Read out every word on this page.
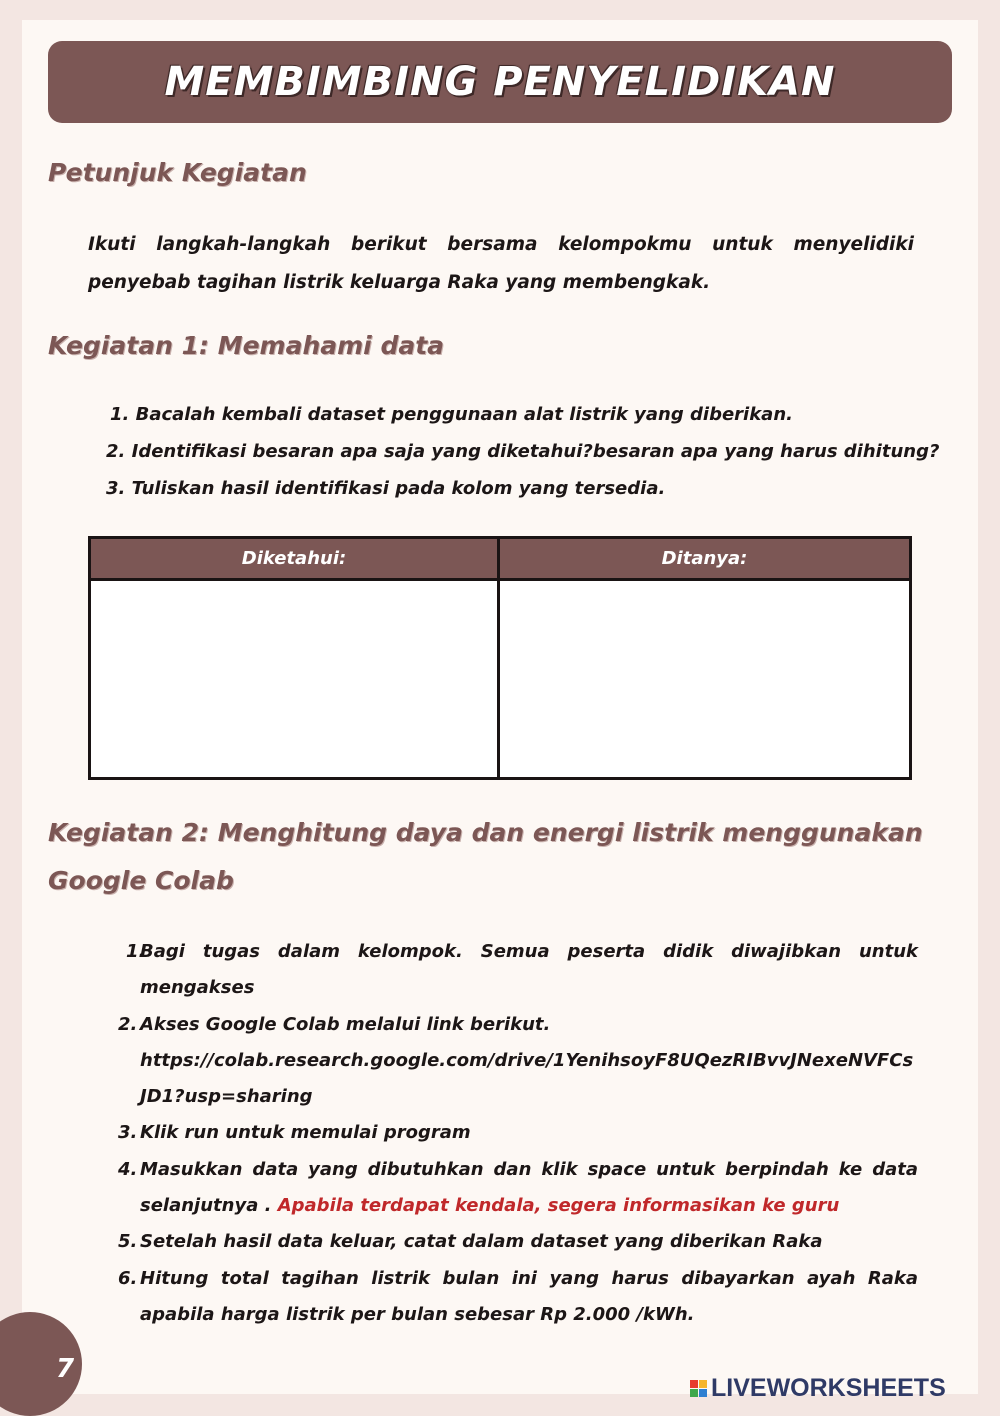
MEMBIMBING PENYELIDIKAN
Petunjuk Kegiatan
Ikuti langkah-langkah berikut bersama kelompokmu untuk menyelidiki penyebab tagihan listrik keluarga Raka yang membengkak.
Kegiatan 1: Memahami data
1. Bacalah kembali dataset penggunaan alat listrik yang diberikan.
2. Identifikasi besaran apa saja yang diketahui?besaran apa yang harus dihitung?
3. Tuliskan hasil identifikasi pada kolom yang tersedia.
Diketahui:	Ditanya:
Kegiatan 2: Menghitung daya dan energi listrik menggunakan
Google Colab
1.
Bagi tugas dalam kelompok. Semua peserta didik diwajibkan untuk mengakses
2. Akses Google Colab melalui link berikut.
https://colab.research.google.com/drive/1YenihsoyF8UQezRIBvvJNexeNVFCsJD1?usp=sharing
3. Klik run untuk memulai program
4. Masukkan data yang dibutuhkan dan klik space untuk berpindah ke data selanjutnya . Apabila terdapat kendala, segera informasikan ke guru
5. Setelah hasil data keluar, catat dalam dataset yang diberikan Raka
6. Hitung total tagihan listrik bulan ini yang harus dibayarkan ayah Raka apabila harga listrik per bulan sebesar Rp 2.000 /kWh.
7
LIVEWORKSHEETS
